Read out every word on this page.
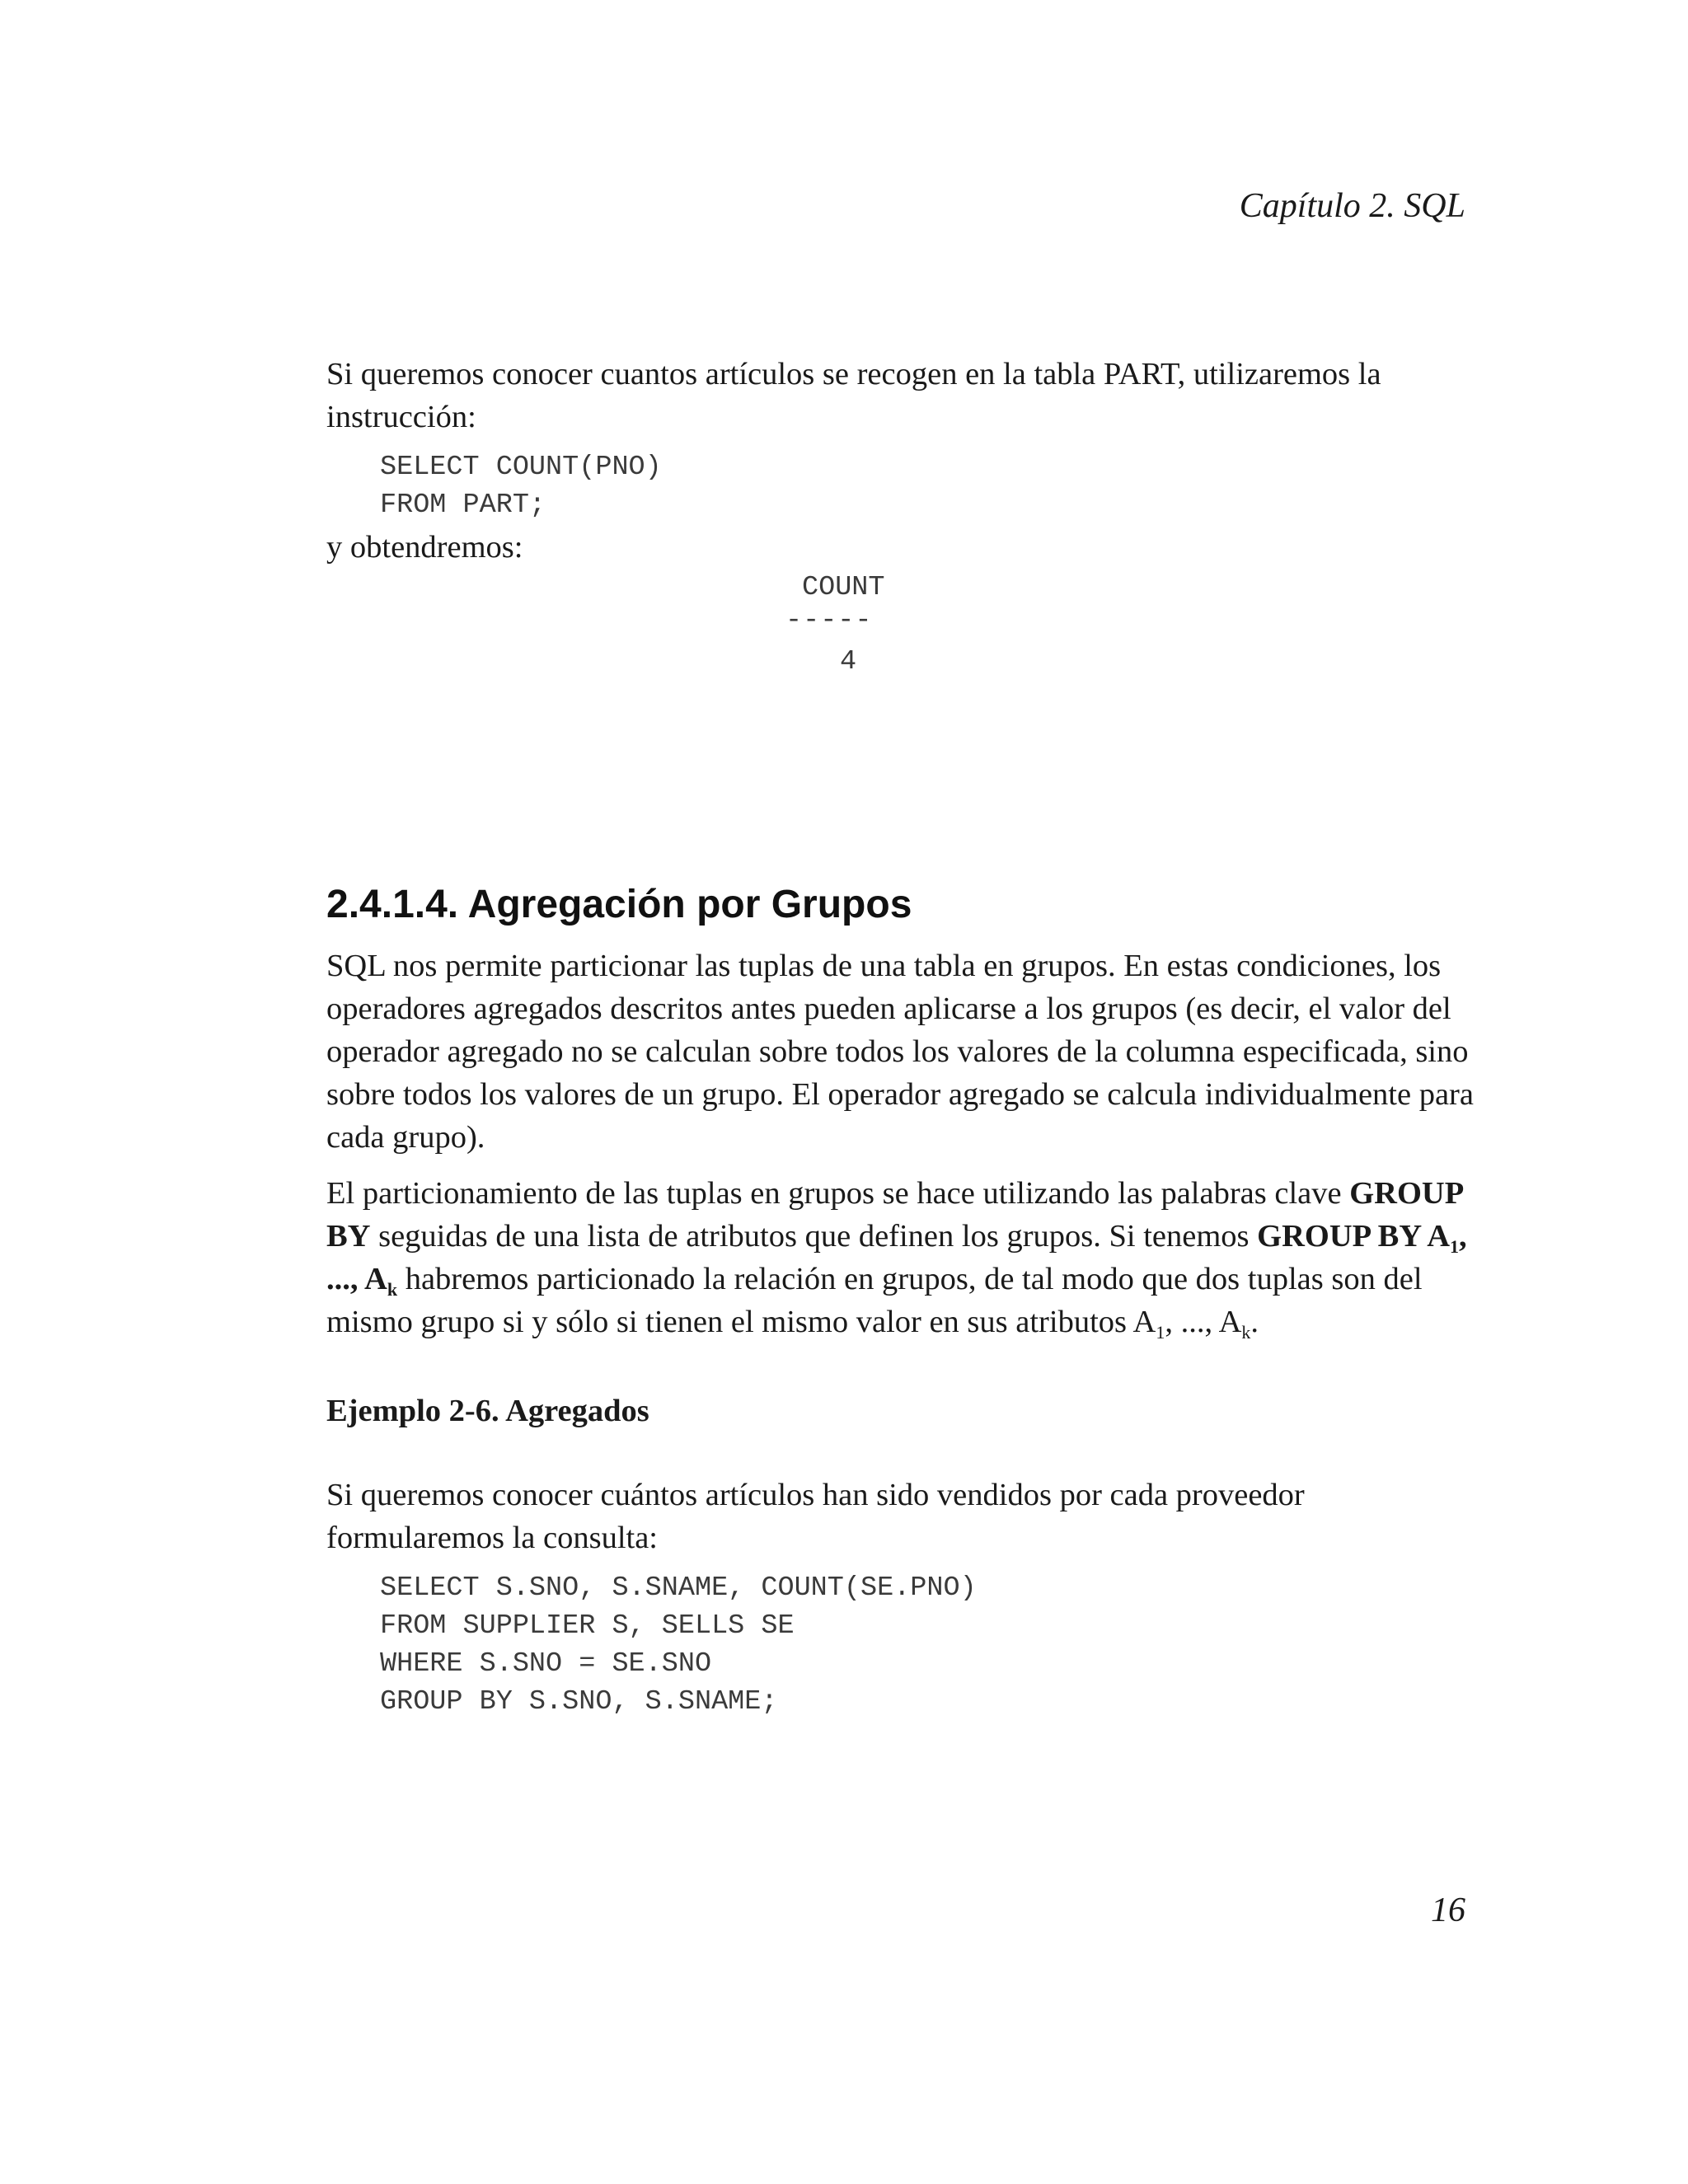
Capítulo 2. SQL

Si queremos conocer cuantos artículos se recogen en la tabla PART, utilizaremos la instrucción:

SELECT COUNT(PNO)
FROM PART;

y obtendremos:

COUNT

-----

4

2.4.1.4. Agregación por Grupos

SQL nos permite particionar las tuplas de una tabla en grupos. En estas condiciones, los operadores agregados descritos antes pueden aplicarse a los grupos (es decir, el valor del operador agregado no se calculan sobre todos los valores de la columna especificada, sino sobre todos los valores de un grupo. El operador agregado se calcula individualmente para cada grupo).

El particionamiento de las tuplas en grupos se hace utilizando las palabras clave GROUP BY seguidas de una lista de atributos que definen los grupos. Si tenemos GROUP BY $A_1$, ..., $A_k$ habremos particionado la relación en grupos, de tal modo que dos tuplas son del mismo grupo si y sólo si tienen el mismo valor en sus atributos $A_1$, ..., $A_k$.

Ejemplo 2-6. Agregados

Si queremos conocer cuántos artículos han sido vendidos por cada proveedor formularemos la consulta:

SELECT S.SNO, S.SNAME, COUNT(SE.PNO)
FROM SUPPLIER S, SELLS SE
WHERE S.SNO = SE.SNO
GROUP BY S.SNO, S.SNAME;
16
